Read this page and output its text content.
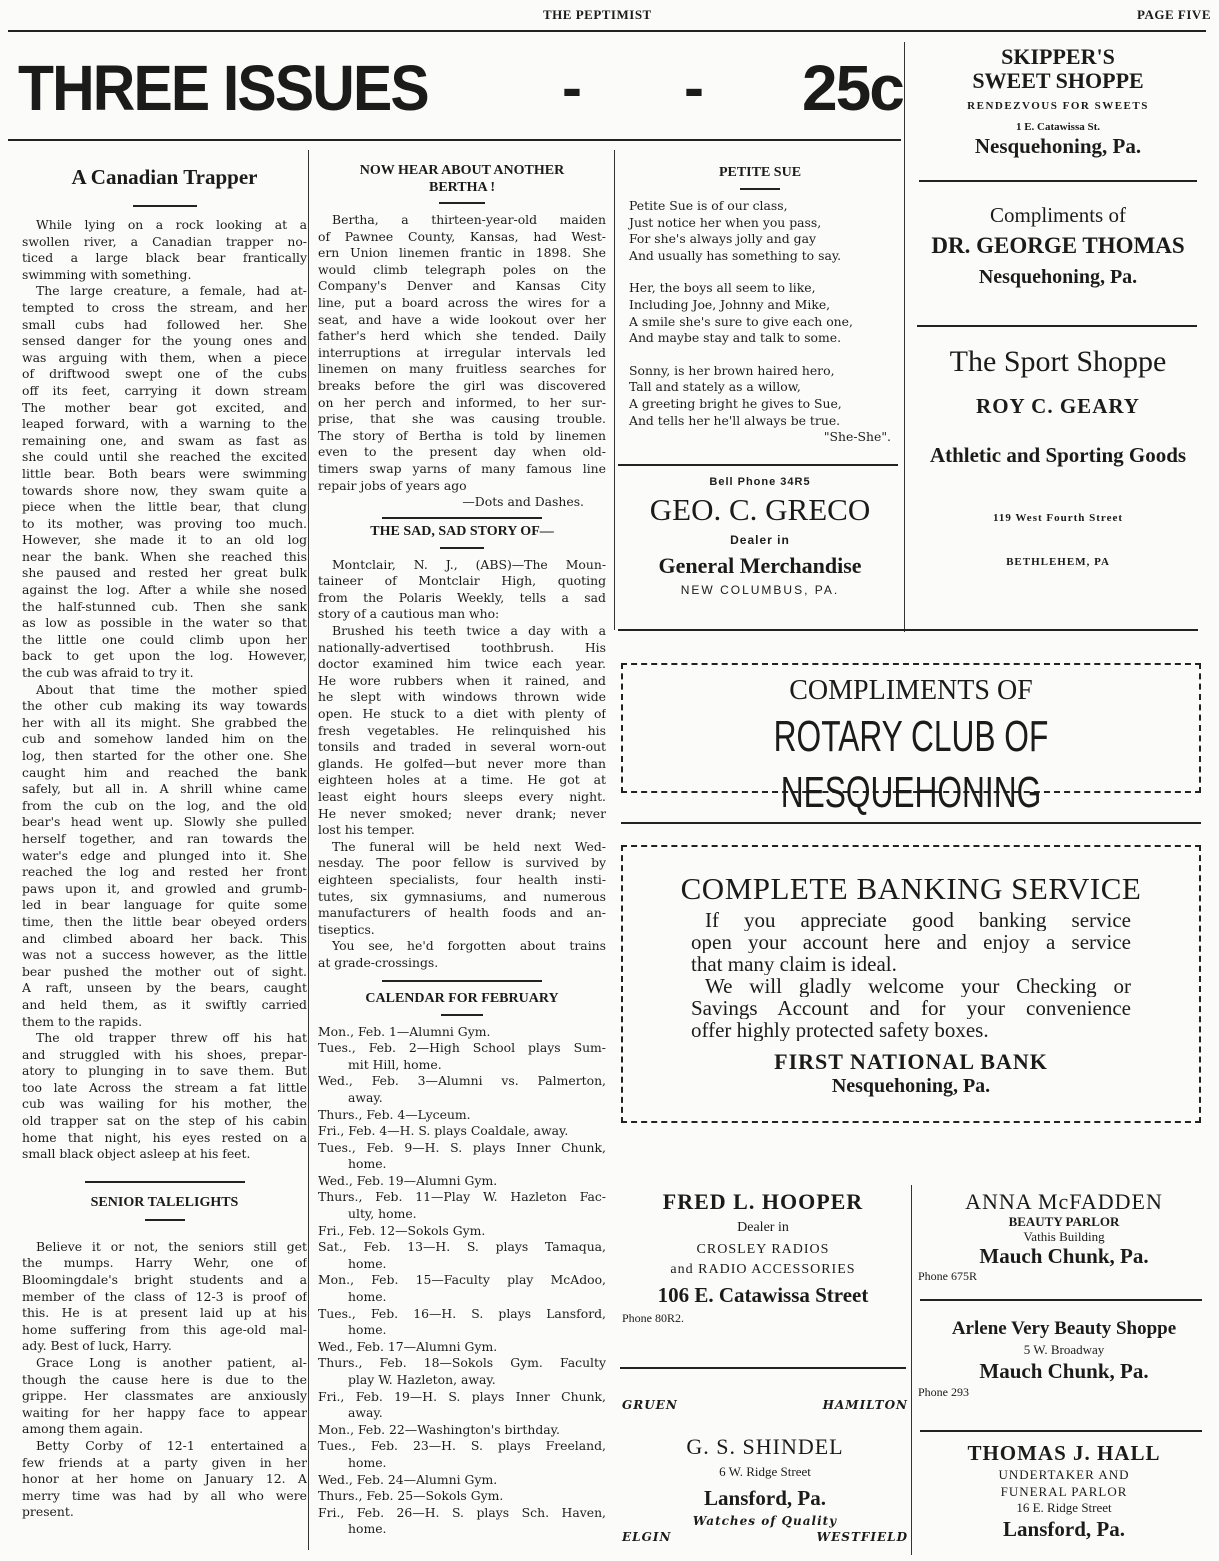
THE PEPTIMIST	PAGE FIVE
THREE ISSUES	- - 25c
A Canadian Trapper
While lying on a rock looking at a
swollen river, a Canadian trapper no-
ticed a large black bear frantically
swimming with something.
The large creature, a female, had at-
tempted to cross the stream, and her
small cubs had followed her. She
sensed danger for the young ones and
was arguing with them, when a piece
of driftwood swept one of the cubs
off its feet, carrying it down stream
The mother bear got excited, and
leaped forward, with a warning to the
remaining one, and swam as fast as
she could until she reached the excited
little bear. Both bears were swimming
towards shore now, they swam quite a
piece when the little bear, that clung
to its mother, was proving too much.
However, she made it to an old log
near the bank. When she reached this
she paused and rested her great bulk
against the log. After a while she nosed
the half-stunned cub. Then she sank
as low as possible in the water so that
the little one could climb upon her
back to get upon the log. However,
the cub was afraid to try it.
About that time the mother spied
the other cub making its way towards
her with all its might. She grabbed the
cub and somehow landed him on the
log, then started for the other one. She
caught him and reached the bank
safely, but all in. A shrill whine came
from the cub on the log, and the old
bear's head went up. Slowly she pulled
herself together, and ran towards the
water's edge and plunged into it. She
reached the log and rested her front
paws upon it, and growled and grumb-
led in bear language for quite some
time, then the little bear obeyed orders
and climbed aboard her back. This
was not a success however, as the little
bear pushed the mother out of sight.
A raft, unseen by the bears, caught
and held them, as it swiftly carried
them to the rapids.
The old trapper threw off his hat
and struggled with his shoes, prepar-
atory to plunging in to save them. But
too late Across the stream a fat little
cub was wailing for his mother, the
old trapper sat on the step of his cabin
home that night, his eyes rested on a
small black object asleep at his feet.
SENIOR TALELIGHTS
Believe it or not, the seniors still get
the mumps. Harry Wehr, one of
Bloomingdale's bright students and a
member of the class of 12-3 is proof of
this. He is at present laid up at his
home suffering from this age-old mal-
ady. Best of luck, Harry.
Grace Long is another patient, al-
though the cause here is due to the
grippe. Her classmates are anxiously
waiting for her happy face to appear
among them again.
Betty Corby of 12-1 entertained a
few friends at a party given in her
honor at her home on January 12. A
merry time was had by all who were
present.
NOW HEAR ABOUT ANOTHER
BERTHA !
Bertha, a thirteen-year-old maiden
of Pawnee County, Kansas, had West-
ern Union linemen frantic in 1898. She
would climb telegraph poles on the
Company's Denver and Kansas City
line, put a board across the wires for a
seat, and have a wide lookout over her
father's herd which she tended. Daily
interruptions at irregular intervals led
linemen on many fruitless searches for
breaks before the girl was discovered
on her perch and informed, to her sur-
prise, that she was causing trouble.
The story of Bertha is told by linemen
even to the present day when old-
timers swap yarns of many famous line
repair jobs of years ago
—Dots and Dashes.
THE SAD, SAD STORY OF—
Montclair, N. J., (ABS)—The Moun-
taineer of Montclair High, quoting
from the Polaris Weekly, tells a sad
story of a cautious man who:
Brushed his teeth twice a day with a
nationally-advertised toothbrush. His
doctor examined him twice each year.
He wore rubbers when it rained, and
he slept with windows thrown wide
open. He stuck to a diet with plenty of
fresh vegetables. He relinquished his
tonsils and traded in several worn-out
glands. He golfed—but never more than
eighteen holes at a time. He got at
least eight hours sleeps every night.
He never smoked; never drank; never
lost his temper.
The funeral will be held next Wed-
nesday. The poor fellow is survived by
eighteen specialists, four health insti-
tutes, six gymnasiums, and numerous
manufacturers of health foods and an-
tiseptics.
You see, he'd forgotten about trains
at grade-crossings.
CALENDAR FOR FEBRUARY
Mon., Feb. 1—Alumni Gym.
Tues., Feb. 2—High School plays Sum-
mit Hill, home.
Wed., Feb. 3—Alumni vs. Palmerton,
away.
Thurs., Feb. 4—Lyceum.
Fri., Feb. 4—H. S. plays Coaldale, away.
Tues., Feb. 9—H. S. plays Inner Chunk,
home.
Wed., Feb. 19—Alumni Gym.
Thurs., Feb. 11—Play W. Hazleton Fac-
ulty, home.
Fri., Feb. 12—Sokols Gym.
Sat., Feb. 13—H. S. plays Tamaqua,
home.
Mon., Feb. 15—Faculty play McAdoo,
home.
Tues., Feb. 16—H. S. plays Lansford,
home.
Wed., Feb. 17—Alumni Gym.
Thurs., Feb. 18—Sokols Gym. Faculty
play W. Hazleton, away.
Fri., Feb. 19—H. S. plays Inner Chunk,
away.
Mon., Feb. 22—Washington's birthday.
Tues., Feb. 23—H. S. plays Freeland,
home.
Wed., Feb. 24—Alumni Gym.
Thurs., Feb. 25—Sokols Gym.
Fri., Feb. 26—H. S. plays Sch. Haven,
home.
PETITE SUE
Petite Sue is of our class,
Just notice her when you pass,
For she's always jolly and gay
And usually has something to say.
Her, the boys all seem to like,
Including Joe, Johnny and Mike,
A smile she's sure to give each one,
And maybe stay and talk to some.
Sonny, is her brown haired hero,
Tall and stately as a willow,
A greeting bright he gives to Sue,
And tells her he'll always be true.
"She-She".
Bell Phone 34R5
GEO. C. GRECO
Dealer in
General Merchandise
NEW COLUMBUS, PA.
SKIPPER'S
SWEET SHOPPE
RENDEZVOUS FOR SWEETS
1 E. Catawissa St.
Nesquehoning, Pa.
Compliments of
DR. GEORGE THOMAS
Nesquehoning, Pa.
The Sport Shoppe
ROY C. GEARY
Athletic and Sporting Goods
119 West Fourth Street
BETHLEHEM, PA
COMPLIMENTS OF
ROTARY CLUB OF NESQUEHONING
COMPLETE BANKING SERVICE
If you appreciate good banking service
open your account here and enjoy a service
that many claim is ideal.
We will gladly welcome your Checking or
Savings Account and for your convenience
offer highly protected safety boxes.
FIRST NATIONAL BANK
Nesquehoning, Pa.
FRED L. HOOPER
Dealer in
CROSLEY RADIOS
and RADIO ACCESSORIES
106 E. Catawissa Street
Phone 80R2.
GRUEN	HAMILTON
G. S. SHINDEL
6 W. Ridge Street
Lansford, Pa.
Watches of Quality
ELGIN	WESTFIELD
ANNA McFADDEN
BEAUTY PARLOR
Vathis Building
Mauch Chunk, Pa.
Phone 675R
Arlene Very Beauty Shoppe
5 W. Broadway
Mauch Chunk, Pa.
Phone 293
THOMAS J. HALL
UNDERTAKER AND
FUNERAL PARLOR
16 E. Ridge Street
Lansford, Pa.
